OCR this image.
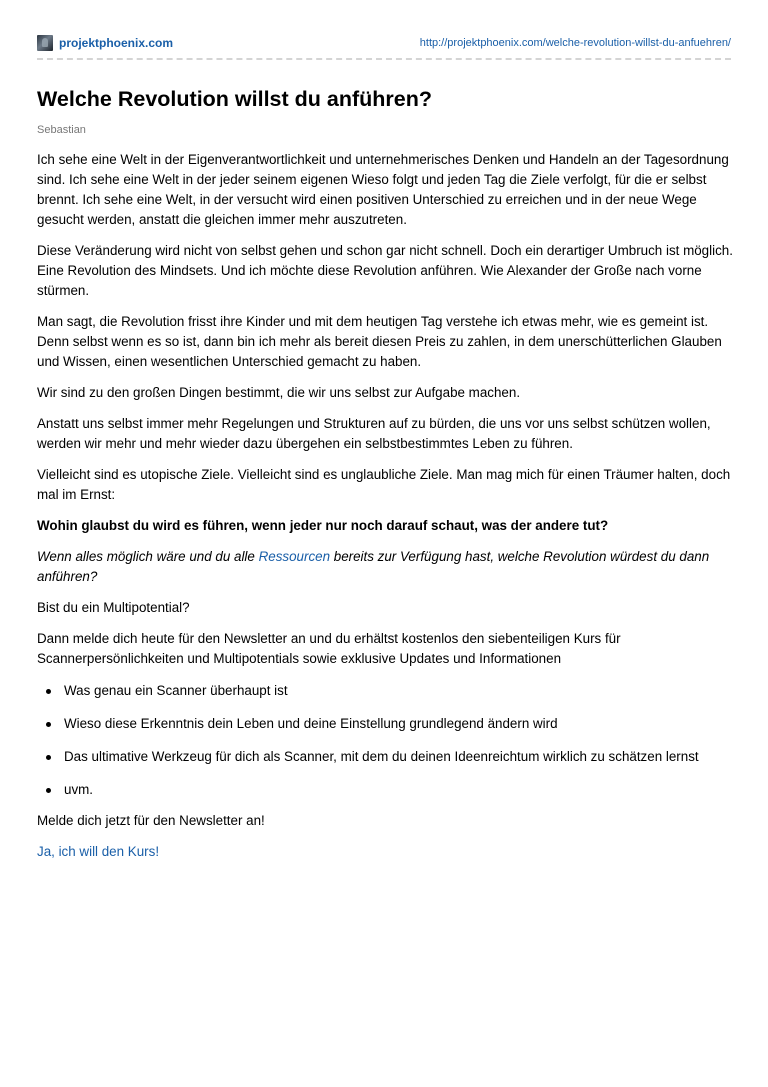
projektphoenix.com	http://projektphoenix.com/welche-revolution-willst-du-anfuehren/
Welche Revolution willst du anführen?
Sebastian

Ich sehe eine Welt in der Eigenverantwortlichkeit und unternehmerisches Denken und Handeln an der Tagesordnung sind. Ich sehe eine Welt in der jeder seinem eigenen Wieso folgt und jeden Tag die Ziele verfolgt, für die er selbst brennt. Ich sehe eine Welt, in der versucht wird einen positiven Unterschied zu erreichen und in der neue Wege gesucht werden, anstatt die gleichen immer mehr auszutreten.

Diese Veränderung wird nicht von selbst gehen und schon gar nicht schnell. Doch ein derartiger Umbruch ist möglich. Eine Revolution des Mindsets. Und ich möchte diese Revolution anführen. Wie Alexander der Große nach vorne stürmen.

Man sagt, die Revolution frisst ihre Kinder und mit dem heutigen Tag verstehe ich etwas mehr, wie es gemeint ist. Denn selbst wenn es so ist, dann bin ich mehr als bereit diesen Preis zu zahlen, in dem unerschütterlichen Glauben und Wissen, einen wesentlichen Unterschied gemacht zu haben.

Wir sind zu den großen Dingen bestimmt, die wir uns selbst zur Aufgabe machen.

Anstatt uns selbst immer mehr Regelungen und Strukturen auf zu bürden, die uns vor uns selbst schützen wollen, werden wir mehr und mehr wieder dazu übergehen ein selbstbestimmtes Leben zu führen.

Vielleicht sind es utopische Ziele. Vielleicht sind es unglaubliche Ziele. Man mag mich für einen Träumer halten, doch mal im Ernst:

Wohin glaubst du wird es führen, wenn jeder nur noch darauf schaut, was der andere tut?

Wenn alles möglich wäre und du alle Ressourcen bereits zur Verfügung hast, welche Revolution würdest du dann anführen?

Bist du ein Multipotential?

Dann melde dich heute für den Newsletter an und du erhältst kostenlos den siebenteiligen Kurs für Scannerpersönlichkeiten und Multipotentials sowie exklusive Updates und Informationen

Was genau ein Scanner überhaupt ist
Wieso diese Erkenntnis dein Leben und deine Einstellung grundlegend ändern wird
Das ultimative Werkzeug für dich als Scanner, mit dem du deinen Ideenreichtum wirklich zu schätzen lernst
uvm.

Melde dich jetzt für den Newsletter an!

Ja, ich will den Kurs!
